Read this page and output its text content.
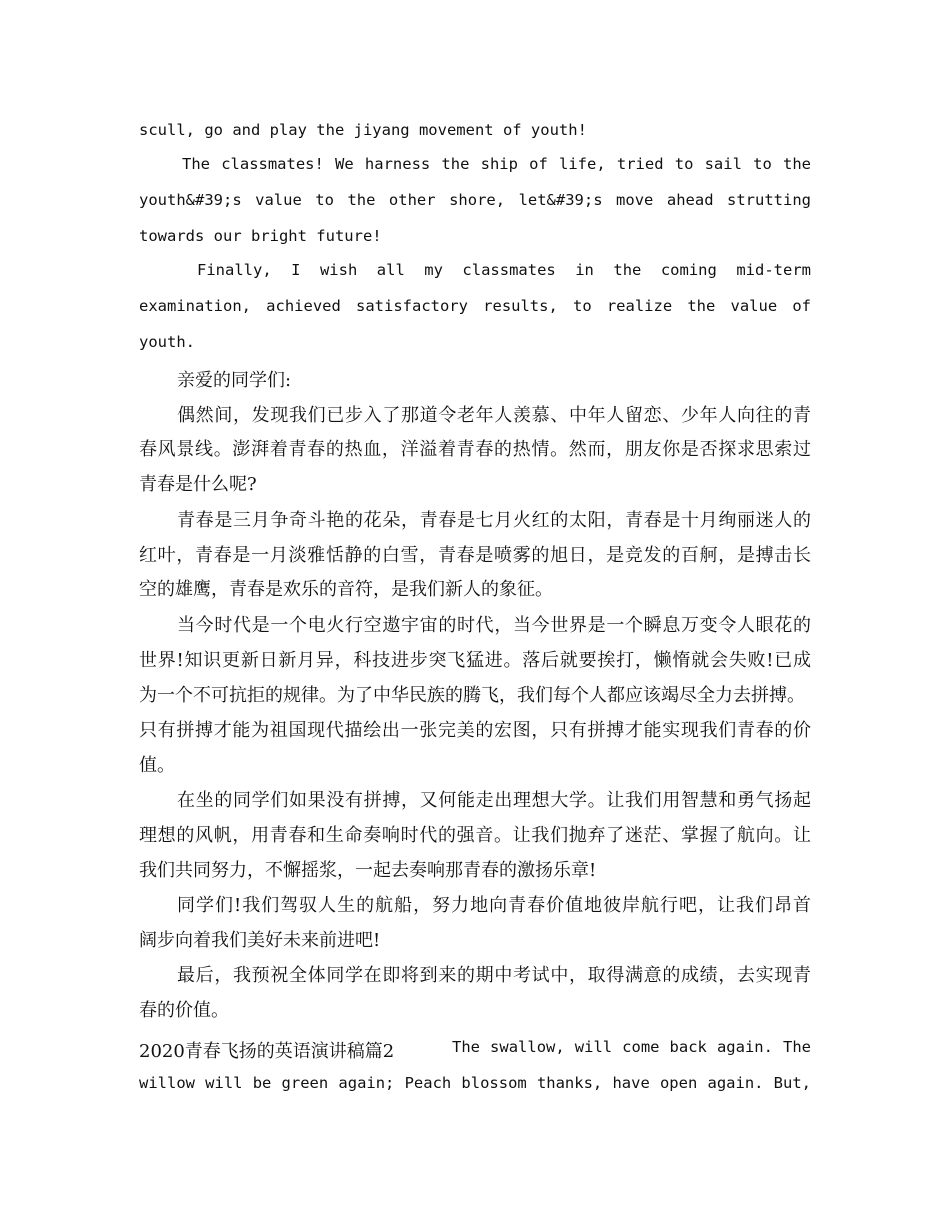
scull, go and play the jiyang movement of youth!
The classmates! We harness the ship of life, tried to sail to the
youth&#39;s value to the other shore, let&#39;s move ahead strutting
towards our bright future!
Finally, I wish all my classmates in the coming mid-term
examination, achieved satisfactory results, to realize the value of
youth.
亲爱的同学们:
偶然间，发现我们已步入了那道令老年人羡慕、中年人留恋、少年人向往的青
春风景线。澎湃着青春的热血，洋溢着青春的热情。然而，朋友你是否探求思索过
青春是什么呢?
青春是三月争奇斗艳的花朵，青春是七月火红的太阳，青春是十月绚丽迷人的
红叶，青春是一月淡雅恬静的白雪，青春是喷雾的旭日，是竞发的百舸，是搏击长
空的雄鹰，青春是欢乐的音符，是我们新人的象征。
当今时代是一个电火行空遨宇宙的时代，当今世界是一个瞬息万变令人眼花的
世界!知识更新日新月异，科技进步突飞猛进。落后就要挨打，懒惰就会失败!已成
为一个不可抗拒的规律。为了中华民族的腾飞，我们每个人都应该竭尽全力去拼搏。
只有拼搏才能为祖国现代描绘出一张完美的宏图，只有拼搏才能实现我们青春的价
值。
在坐的同学们如果没有拼搏，又何能走出理想大学。让我们用智慧和勇气扬起
理想的风帆，用青春和生命奏响时代的强音。让我们抛弃了迷茫、掌握了航向。让
我们共同努力，不懈摇浆，一起去奏响那青春的激扬乐章!
同学们!我们驾驭人生的航船，努力地向青春价值地彼岸航行吧，让我们昂首
阔步向着我们美好未来前进吧!
最后，我预祝全体同学在即将到来的期中考试中，取得满意的成绩，去实现青
春的价值。
2020青春飞扬的英语演讲稿篇2	The swallow, will come back again. The
willow will be green again; Peach blossom thanks, have open again. But,
